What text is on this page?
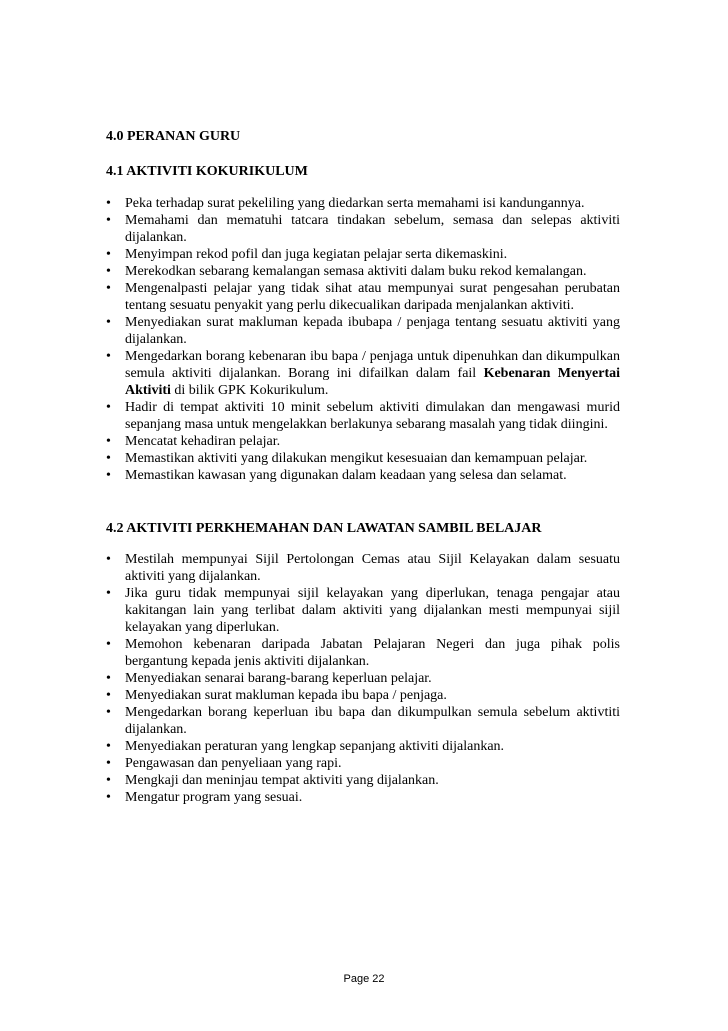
4.0 PERANAN GURU
4.1 AKTIVITI KOKURIKULUM
• Peka terhadap surat pekeliling yang diedarkan serta memahami isi kandungannya.
• Memahami dan mematuhi tatcara tindakan sebelum, semasa dan selepas aktiviti dijalankan.
• Menyimpan rekod pofil dan juga kegiatan pelajar serta dikemaskini.
• Merekodkan sebarang kemalangan semasa aktiviti dalam buku rekod kemalangan.
• Mengenalpasti pelajar yang tidak sihat atau mempunyai surat pengesahan perubatan tentang sesuatu penyakit yang perlu dikecualikan daripada menjalankan aktiviti.
• Menyediakan surat makluman kepada ibubapa / penjaga tentang sesuatu aktiviti yang dijalankan.
• Mengedarkan borang kebenaran ibu bapa / penjaga untuk dipenuhkan dan dikumpulkan semula aktiviti dijalankan. Borang ini difailkan dalam fail Kebenaran Menyertai Aktiviti di bilik GPK Kokurikulum.
• Hadir di tempat aktiviti 10 minit sebelum aktiviti dimulakan dan mengawasi murid sepanjang masa untuk mengelakkan berlakunya sebarang masalah yang tidak diingini.
• Mencatat kehadiran pelajar.
• Memastikan aktiviti yang dilakukan mengikut kesesuaian dan kemampuan pelajar.
• Memastikan kawasan yang digunakan dalam keadaan yang selesa dan selamat.
4.2 AKTIVITI PERKHEMAHAN DAN LAWATAN SAMBIL BELAJAR
• Mestilah mempunyai Sijil Pertolongan Cemas atau Sijil Kelayakan dalam sesuatu aktiviti yang dijalankan.
• Jika guru tidak mempunyai sijil kelayakan yang diperlukan, tenaga pengajar atau kakitangan lain yang terlibat dalam aktiviti yang dijalankan mesti mempunyai sijil kelayakan yang diperlukan.
• Memohon kebenaran daripada Jabatan Pelajaran Negeri dan juga pihak polis bergantung kepada jenis aktiviti dijalankan.
• Menyediakan senarai barang-barang keperluan pelajar.
• Menyediakan surat makluman kepada ibu bapa / penjaga.
• Mengedarkan borang keperluan ibu bapa dan dikumpulkan semula sebelum aktivtiti dijalankan.
• Menyediakan peraturan yang lengkap sepanjang aktiviti dijalankan.
• Pengawasan dan penyeliaan yang rapi.
• Mengkaji dan meninjau tempat aktiviti yang dijalankan.
• Mengatur program yang sesuai.
Page 22
